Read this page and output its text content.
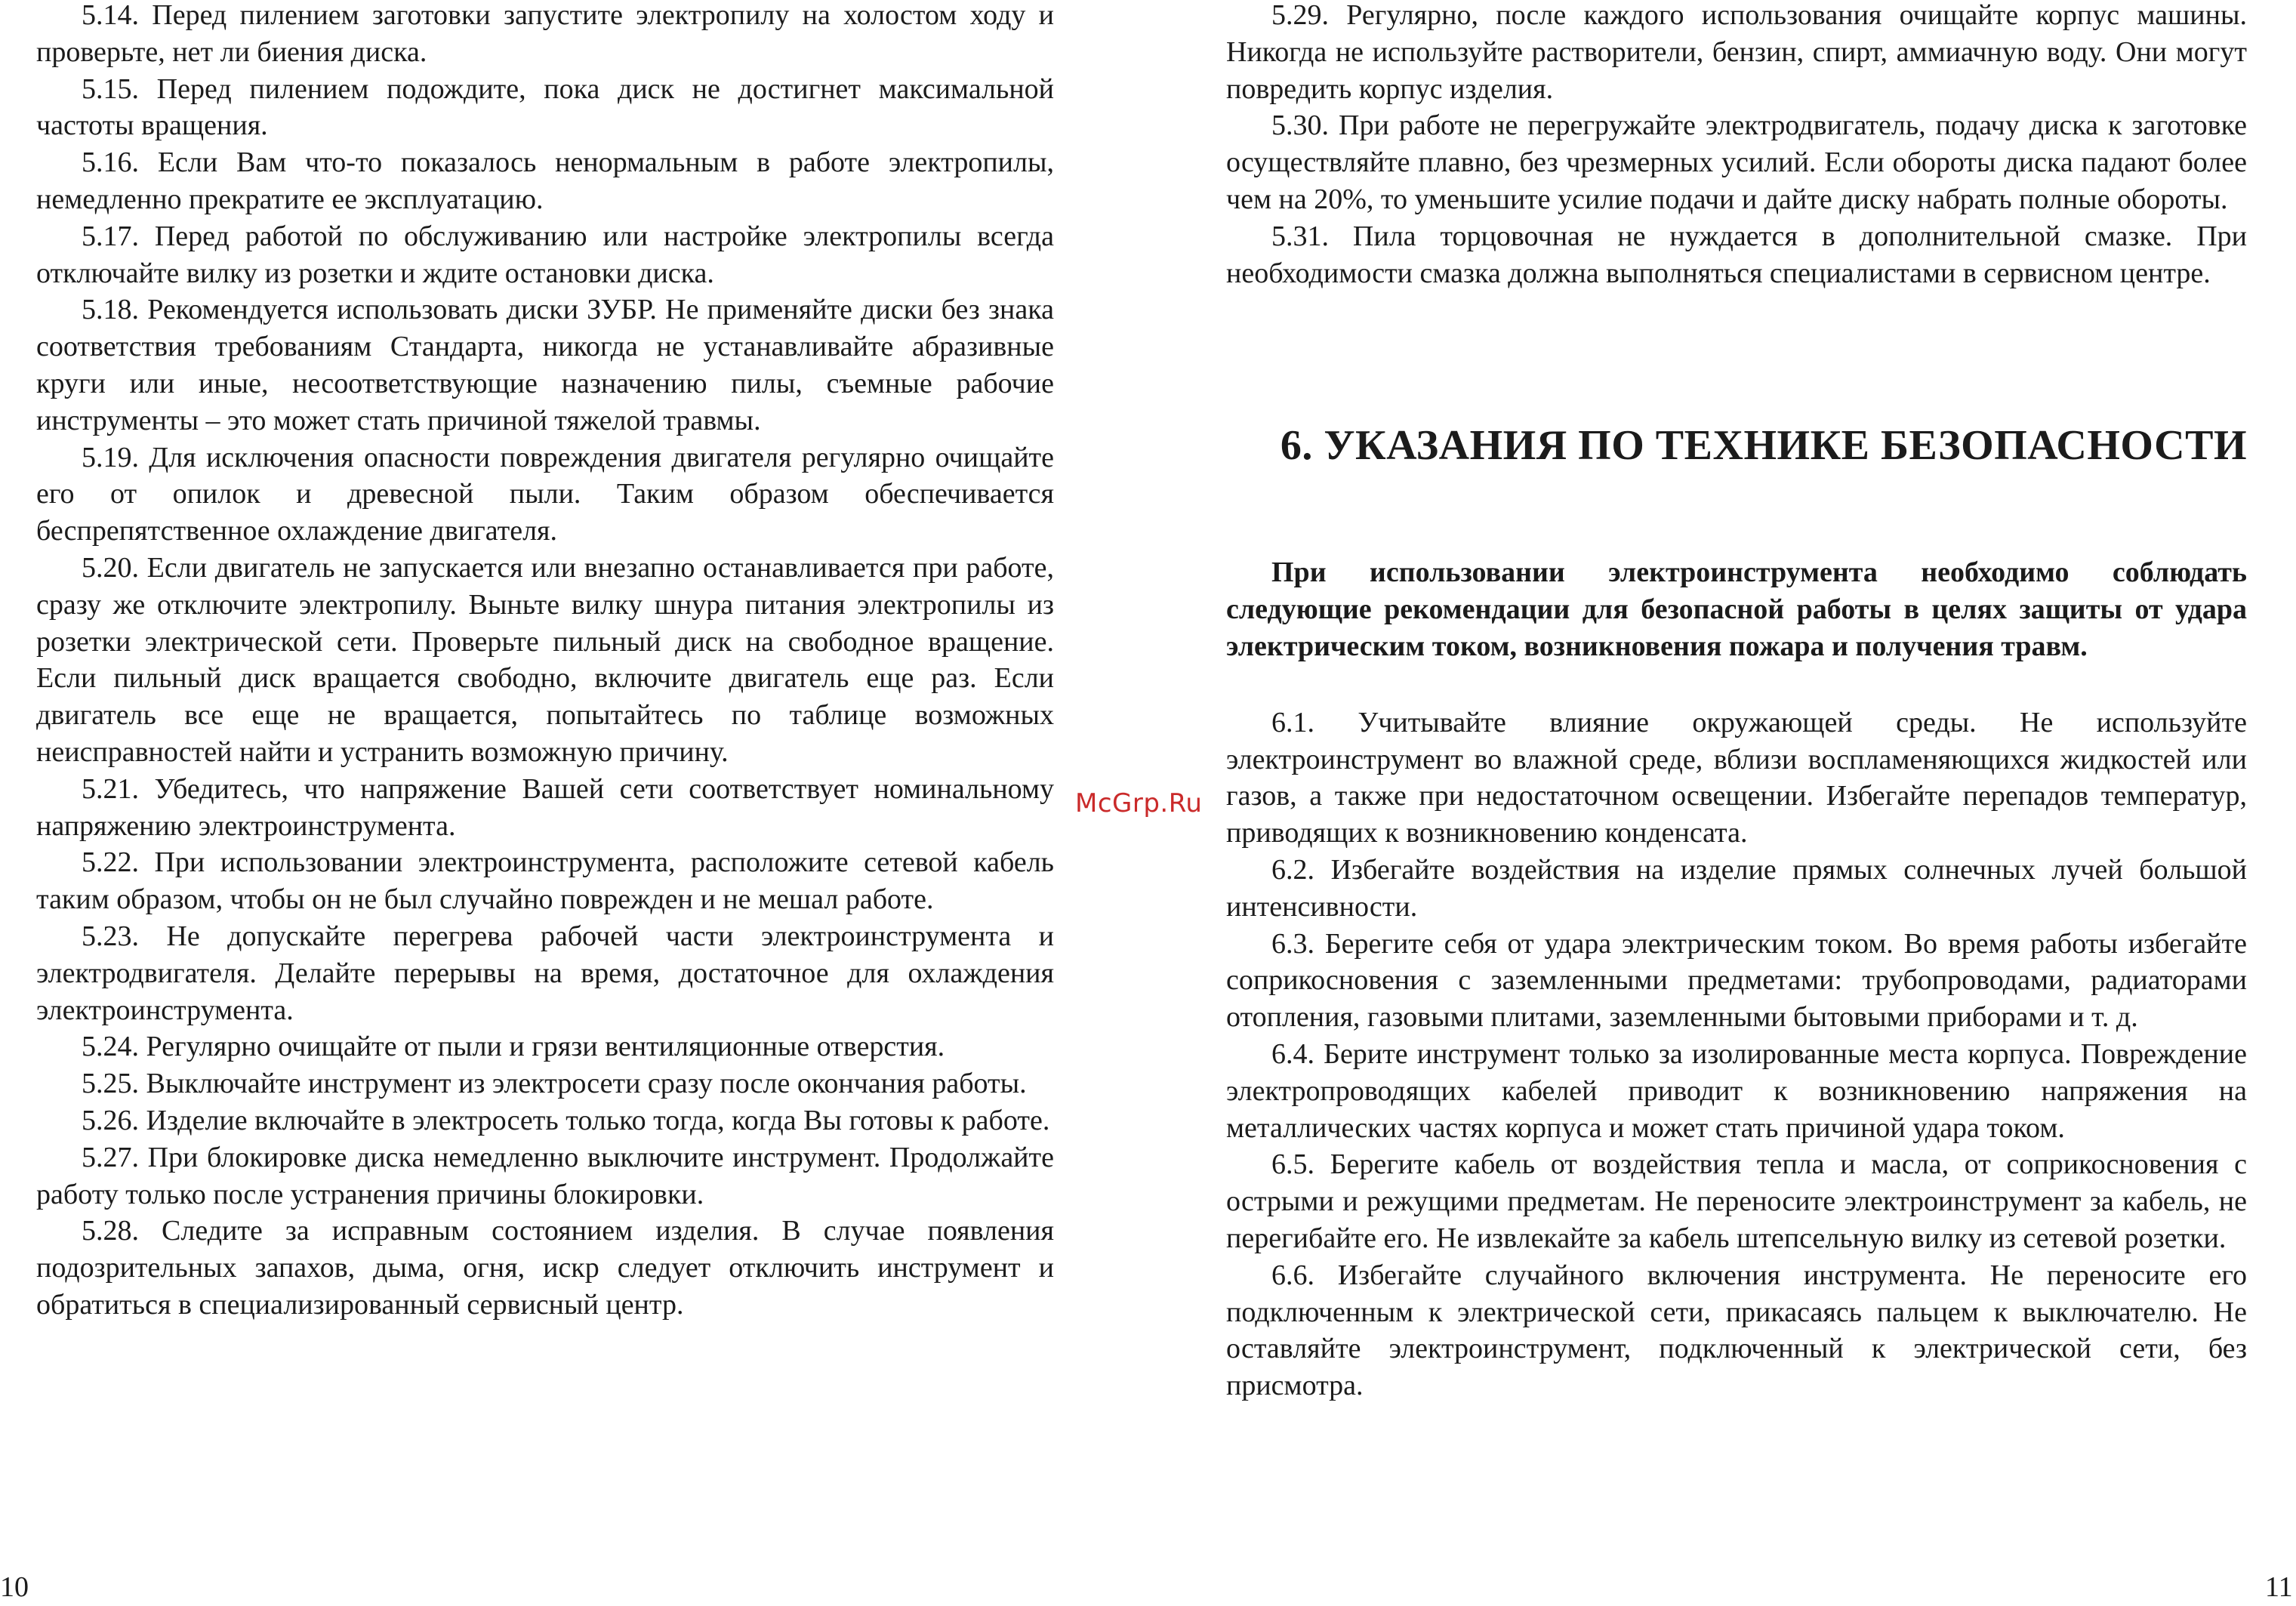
5.14. Перед пилением заготовки запустите электропилу на холостом ходу и проверьте, нет ли биения диска.

5.15. Перед пилением подождите, пока диск не достигнет максимальной частоты вращения.

5.16. Если Вам что-то показалось ненормальным в работе электропилы, немедленно прекратите ее эксплуатацию.

5.17. Перед работой по обслуживанию или настройке электропилы всегда отключайте вилку из розетки и ждите остановки диска.

5.18. Рекомендуется использовать диски ЗУБР. Не применяйте диски без знака соответствия требованиям Стандарта, никогда не устанавливайте абразивные круги или иные, несоответствующие назначению пилы, съемные рабочие инструменты – это может стать причиной тяжелой травмы.

5.19. Для исключения опасности повреждения двигателя регулярно очищайте его от опилок и древесной пыли. Таким образом обеспечивается беспрепятственное охлаждение двигателя.

5.20. Если двигатель не запускается или внезапно останавливается при работе, сразу же отключите электропилу. Выньте вилку шнура питания электропилы из розетки электрической сети. Проверьте пильный диск на свободное вращение. Если пильный диск вращается свободно, включите двигатель еще раз. Если двигатель все еще не вращается, попытайтесь по таблице возможных неисправностей найти и устранить возможную причину.

5.21. Убедитесь, что напряжение Вашей сети соответствует номинальному напряжению электроинструмента.

5.22. При использовании электроинструмента, расположите сетевой кабель таким образом, чтобы он не был случайно поврежден и не мешал работе.

5.23. Не допускайте перегрева рабочей части электроинструмента и электродвигателя. Делайте перерывы на время, достаточное для охлаждения электроинструмента.

5.24. Регулярно очищайте от пыли и грязи вентиляционные отверстия.

5.25. Выключайте инструмент из электросети сразу после окончания работы.

5.26. Изделие включайте в электросеть только тогда, когда Вы готовы к работе.

5.27. При блокировке диска немедленно выключите инструмент. Продолжайте работу только после устранения причины блокировки.

5.28. Следите за исправным состоянием изделия. В случае появления подозрительных запахов, дыма, огня, искр следует отключить инструмент и обратиться в специализированный сервисный центр.

5.29. Регулярно, после каждого использования очищайте корпус машины. Никогда не используйте растворители, бензин, спирт, аммиачную воду. Они могут повредить корпус изделия.

5.30. При работе не перегружайте электродвигатель, подачу диска к заготовке осуществляйте плавно, без чрезмерных усилий. Если обороты диска падают более чем на 20%, то уменьшите усилие подачи и дайте диску набрать полные обороты.

5.31. Пила торцовочная не нуждается в дополнительной смазке. При необходимости смазка должна выполняться специалистами в сервисном центре.

6. УКАЗАНИЯ ПО ТЕХНИКЕ БЕЗОПАСНОСТИ

При использовании электроинструмента необходимо соблюдать следующие рекомендации для безопасной работы в целях защиты от удара электрическим током, возникновения пожара и получения травм.

6.1. Учитывайте влияние окружающей среды. Не используйте электроинструмент во влажной среде, вблизи воспламеняющихся жидкостей или газов, а также при недостаточном освещении. Избегайте перепадов температур, приводящих к возникновению конденсата.

6.2. Избегайте воздействия на изделие прямых солнечных лучей большой интенсивности.

6.3. Берегите себя от удара электрическим током. Во время работы избегайте соприкосновения с заземленными предметами: трубопроводами, радиаторами отопления, газовыми плитами, заземленными бытовыми приборами и т. д.

6.4. Берите инструмент только за изолированные места корпуса. Повреждение электропроводящих кабелей приводит к возникновению напряжения на металлических частях корпуса и может стать причиной удара током.

6.5. Берегите кабель от воздействия тепла и масла, от соприкосновения с острыми и режущими предметам. Не переносите электроинструмент за кабель, не перегибайте его. Не извлекайте за кабель штепсельную вилку из сетевой розетки.

6.6. Избегайте случайного включения инструмента. Не переносите его подключенным к электрической сети, прикасаясь пальцем к выключателю. Не оставляйте электроинструмент, подключенный к электрической сети, без присмотра.

McGrp.Ru
10	11
